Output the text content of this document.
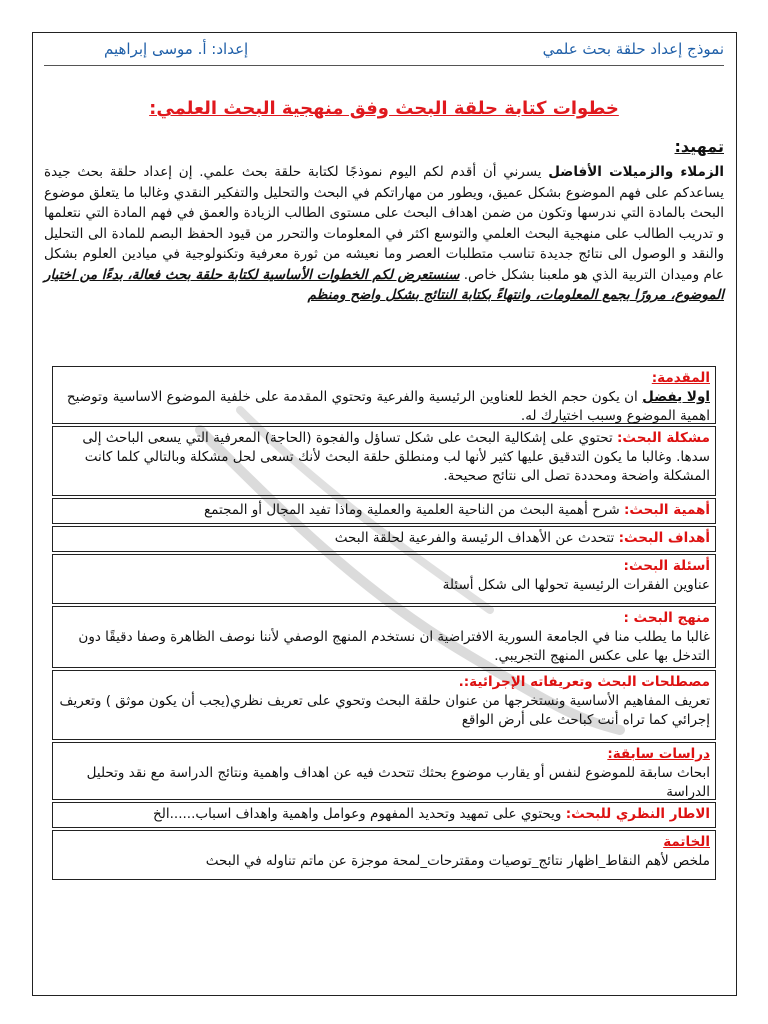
نموذج إعداد حلقة بحث علمي
إعداد: أ. موسى إبراهيم
خطوات كتابة حلقة البحث وفق منهجية البحث العلمي:
تمهيد:
الزملاء والزميلات الأفاضل يسرني أن أقدم لكم اليوم نموذجًا لكتابة حلقة بحث علمي. إن إعداد حلقة بحث جيدة يساعدكم على فهم الموضوع بشكل عميق، ويطور من مهاراتكم في البحث والتحليل والتفكير النقدي وغالبا ما يتعلق موضوع البحث بالمادة التي ندرسها وتكون من ضمن اهداف البحث على مستوى الطالب الزيادة والعمق في فهم المادة التي نتعلمها و تدريب الطالب على منهجية البحث العلمي والتوسع اكثر في المعلومات والتحرر من قيود الحفظ البصم للمادة الى التحليل والنقد و الوصول الى نتائج جديدة تناسب متطلبات العصر وما نعيشه من ثورة معرفية وتكنولوجية في ميادين العلوم بشكل عام وميدان التربية الذي هو ملعبنا بشكل خاص. سنستعرض لكم الخطوات الأساسية لكتابة حلقة بحث فعالة، بدءًا من اختيار الموضوع، مرورًا بجمع المعلومات، وانتهاءً بكتابة النتائج بشكل واضح ومنظم
المقدمة:
اولا يفضل ان يكون حجم الخط للعناوين الرئيسية والفرعية وتحتوي المقدمة على خلفية الموضوع الاساسية وتوضيح اهمية الموضوع وسبب اختيارك له.
مشكلة البحث: تحتوي على إشكالية البحث على شكل تساؤل والفجوة (الحاجة) المعرفية التي يسعى الباحث إلى سدها. وغالبا ما يكون التدقيق عليها كثير لأنها لب ومنطلق حلقة البحث لأنك تسعى لحل مشكلة وبالتالي كلما كانت المشكلة واضحة ومحددة تصل الى نتائج صحيحة.
أهمية البحث: شرح أهمية البحث من الناحية العلمية والعملية وماذا تفيد المجال أو المجتمع
أهداف البحث: تتحدث عن الأهداف الرئيسة والفرعية لحلقة البحث
أسئلة البحث:
عناوين الفقرات الرئيسية تحولها الى شكل أسئلة
منهج البحث :
غالبا ما يطلب منا في الجامعة السورية الافتراضية ان نستخدم المنهج الوصفي لأننا نوصف الظاهرة وصفا دقيقًا دون التدخل بها على عكس المنهج التجريبي.
مصطلحات البحث وتعريفاته الإجرائية:.
تعريف المفاهيم الأساسية ونستخرجها من عنوان حلقة البحث وتحوي على تعريف نظري(يجب أن يكون موثق ) وتعريف إجرائي كما تراه أنت كباحث على أرض الواقع
دراسات سابقة:
ابحاث سابقة للموضوع لنفس أو يقارب موضوع بحثك تتحدث فيه عن اهداف واهمية ونتائج الدراسة مع نقد وتحليل الدراسة
الاطار النظري للبحث: ويحتوي على تمهيد وتحديد المفهوم وعوامل واهمية واهداف اسباب......الخ
الخاتمة
ملخص لأهم النقاط_اظهار نتائج_توصيات ومقترحات_لمحة موجزة عن ماتم تناوله في البحث
